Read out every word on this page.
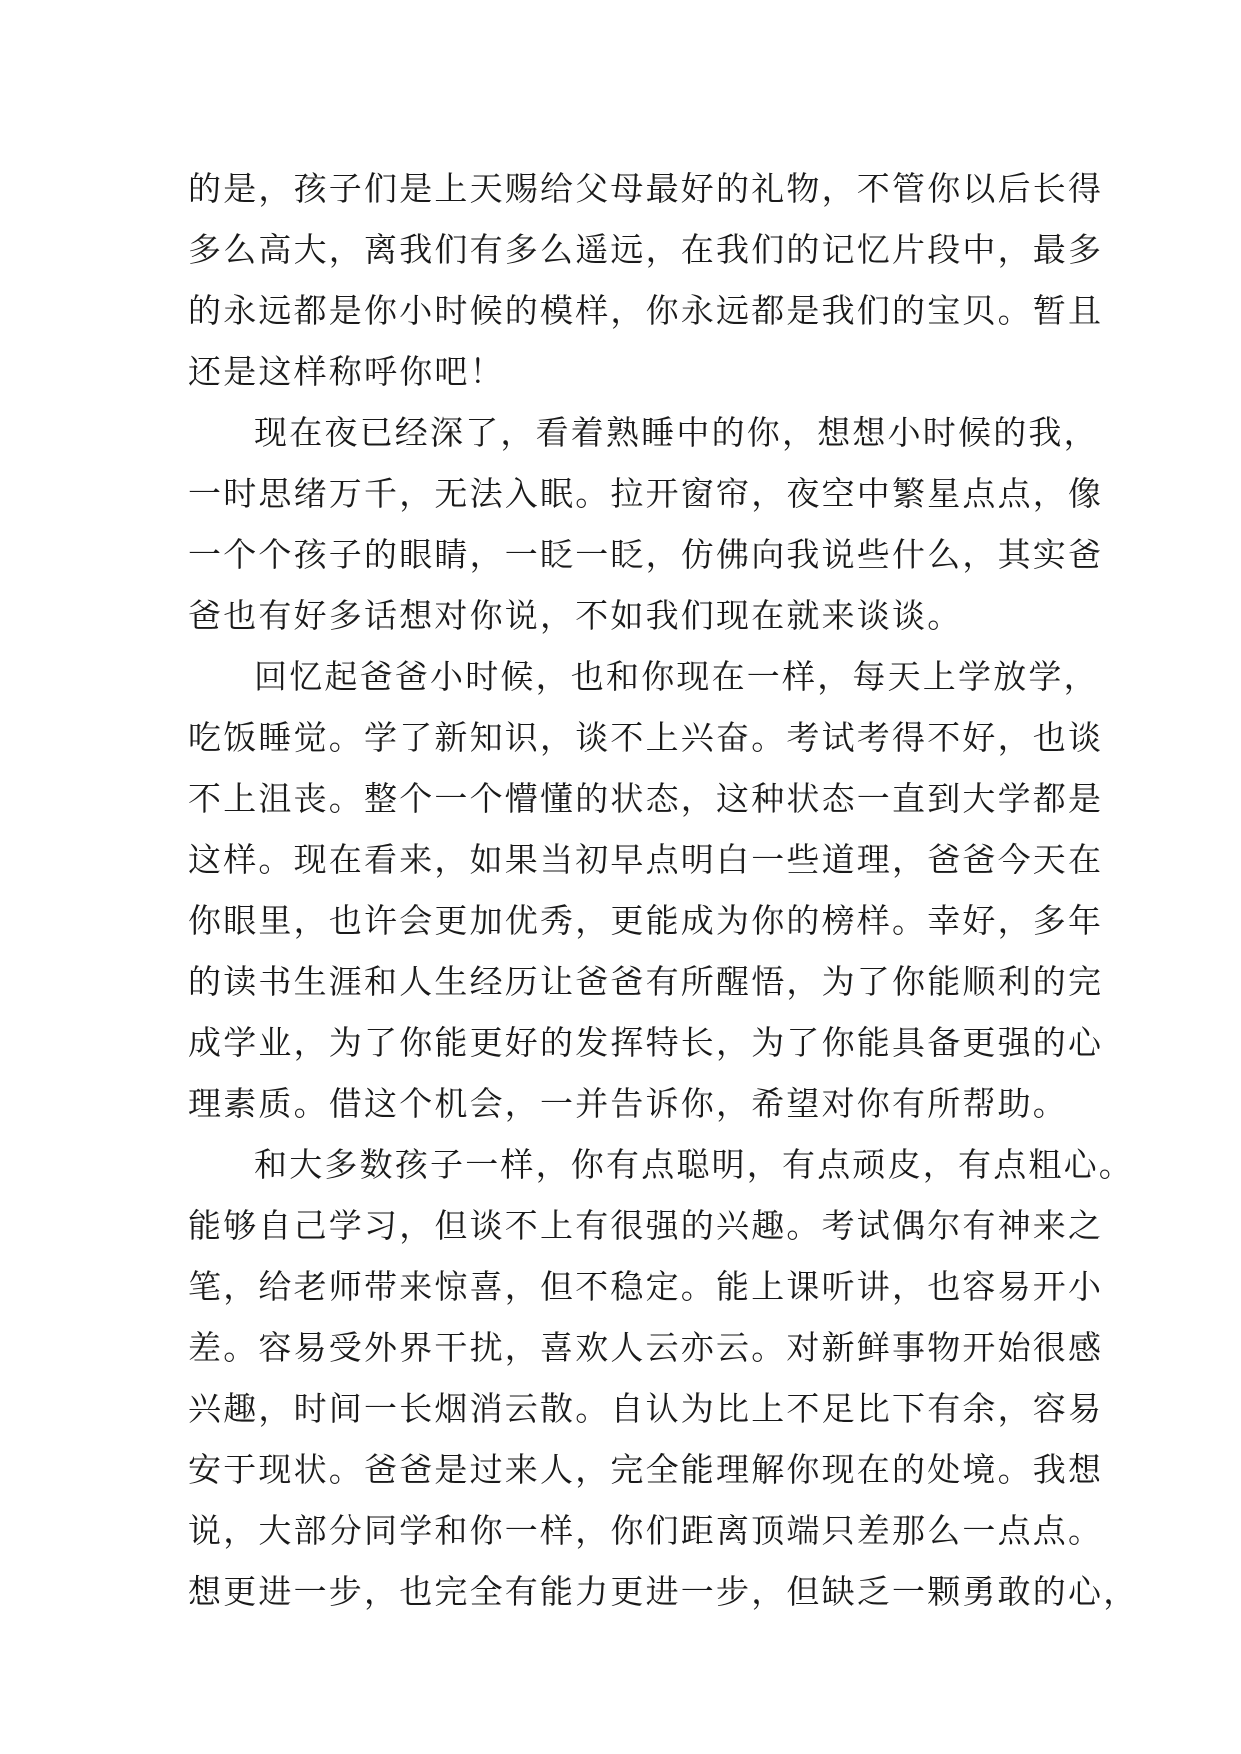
的是，孩子们是上天赐给父母最好的礼物，不管你以后长得
多么高大，离我们有多么遥远，在我们的记忆片段中，最多
的永远都是你小时候的模样，你永远都是我们的宝贝。暂且
还是这样称呼你吧！
现在夜已经深了，看着熟睡中的你，想想小时候的我，
一时思绪万千，无法入眠。拉开窗帘，夜空中繁星点点，像
一个个孩子的眼睛，一眨一眨，仿佛向我说些什么，其实爸
爸也有好多话想对你说，不如我们现在就来谈谈。
回忆起爸爸小时候，也和你现在一样，每天上学放学，
吃饭睡觉。学了新知识，谈不上兴奋。考试考得不好，也谈
不上沮丧。整个一个懵懂的状态，这种状态一直到大学都是
这样。现在看来，如果当初早点明白一些道理，爸爸今天在
你眼里，也许会更加优秀，更能成为你的榜样。幸好，多年
的读书生涯和人生经历让爸爸有所醒悟，为了你能顺利的完
成学业，为了你能更好的发挥特长，为了你能具备更强的心
理素质。借这个机会，一并告诉你，希望对你有所帮助。
和大多数孩子一样，你有点聪明，有点顽皮，有点粗心。
能够自己学习，但谈不上有很强的兴趣。考试偶尔有神来之
笔，给老师带来惊喜，但不稳定。能上课听讲，也容易开小
差。容易受外界干扰，喜欢人云亦云。对新鲜事物开始很感
兴趣，时间一长烟消云散。自认为比上不足比下有余，容易
安于现状。爸爸是过来人，完全能理解你现在的处境。我想
说，大部分同学和你一样，你们距离顶端只差那么一点点。
想更进一步，也完全有能力更进一步，但缺乏一颗勇敢的心，
